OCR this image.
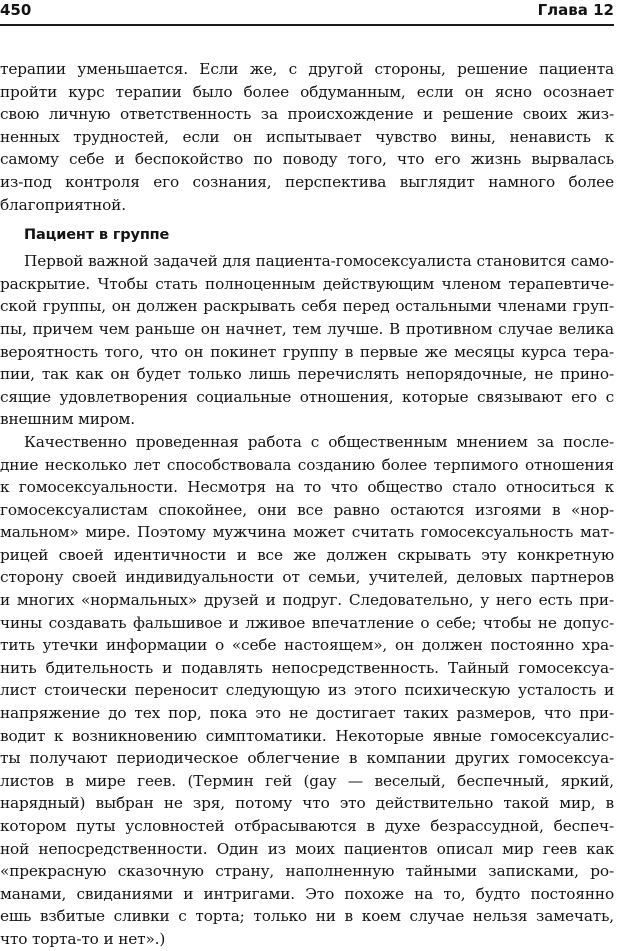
450	Глава 12
терапии уменьшается. Если же, с другой стороны, решение пациента
пройти курс терапии было более обдуманным, если он ясно осознает
свою личную ответственность за происхождение и решение своих жиз-
ненных трудностей, если он испытывает чувство вины, ненависть к
самому себе и беспокойство по поводу того, что его жизнь вырвалась
из-под контроля его сознания, перспектива выглядит намного более
благоприятной.
Пациент в группе
Первой важной задачей для пациента-гомосексуалиста становится само-
раскрытие. Чтобы стать полноценным действующим членом терапевтиче-
ской группы, он должен раскрывать себя перед остальными членами груп-
пы, причем чем раньше он начнет, тем лучше. В противном случае велика
вероятность того, что он покинет группу в первые же месяцы курса тера-
пии, так как он будет только лишь перечислять непорядочные, не прино-
сящие удовлетворения социальные отношения, которые связывают его с
внешним миром.
Качественно проведенная работа с общественным мнением за после-
дние несколько лет способствовала созданию более терпимого отношения
к гомосексуальности. Несмотря на то что общество стало относиться к
гомосексуалистам спокойнее, они все равно остаются изгоями в «нор-
мальном» мире. Поэтому мужчина может считать гомосексуальность мат-
рицей своей идентичности и все же должен скрывать эту конкретную
сторону своей индивидуальности от семьи, учителей, деловых партнеров
и многих «нормальных» друзей и подруг. Следовательно, у него есть при-
чины создавать фальшивое и лживое впечатление о себе; чтобы не допус-
тить утечки информации о «себе настоящем», он должен постоянно хра-
нить бдительность и подавлять непосредственность. Тайный гомосексуа-
лист стоически переносит следующую из этого психическую усталость и
напряжение до тех пор, пока это не достигает таких размеров, что при-
водит к возникновению симптоматики. Некоторые явные гомосексуалис-
ты получают периодическое облегчение в компании других гомосексуа-
листов в мире геев. (Термин гей (gay — веселый, беспечный, яркий,
нарядный) выбран не зря, потому что это действительно такой мир, в
котором путы условностей отбрасываются в духе безрассудной, беспеч-
ной непосредственности. Один из моих пациентов описал мир геев как
«прекрасную сказочную страну, наполненную тайными записками, ро-
манами, свиданиями и интригами. Это похоже на то, будто постоянно
ешь взбитые сливки с торта; только ни в коем случае нельзя замечать,
что торта-то и нет».)
